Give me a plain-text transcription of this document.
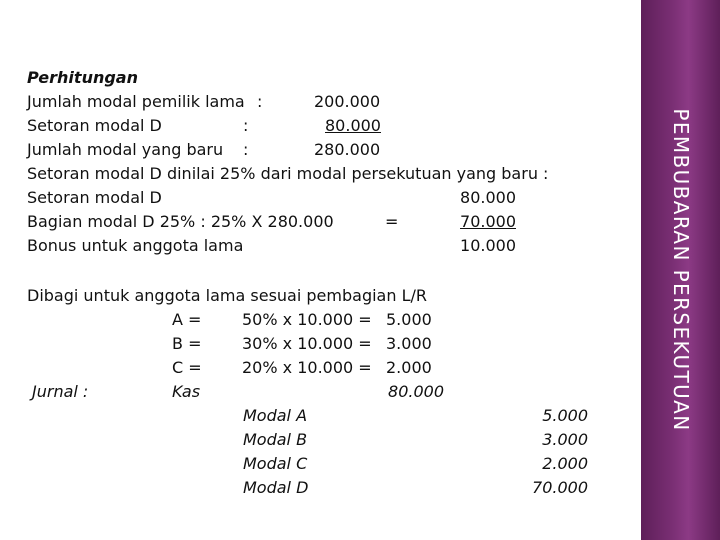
PEMBUBARAN PERSEKUTUAN
Perhitungan
Jumlah modal pemilik lama :	200.000
Setoran modal D	:	80.000
Jumlah modal yang baru :	280.000
Setoran modal D dinilai 25% dari modal persekutuan yang baru :
Setoran modal D	80.000
Bagian modal D 25% : 25% X 280.000	=	70.000
Bonus untuk anggota lama	10.000
Dibagi untuk anggota lama sesuai pembagian L/R
A =	50% x 10.000 = 5.000
B =	30% x 10.000 = 3.000
C =	20% x 10.000 = 2.000
Jurnal :	Kas	80.000
Modal A	5.000
Modal B	3.000
Modal C	2.000
Modal D	70.000
